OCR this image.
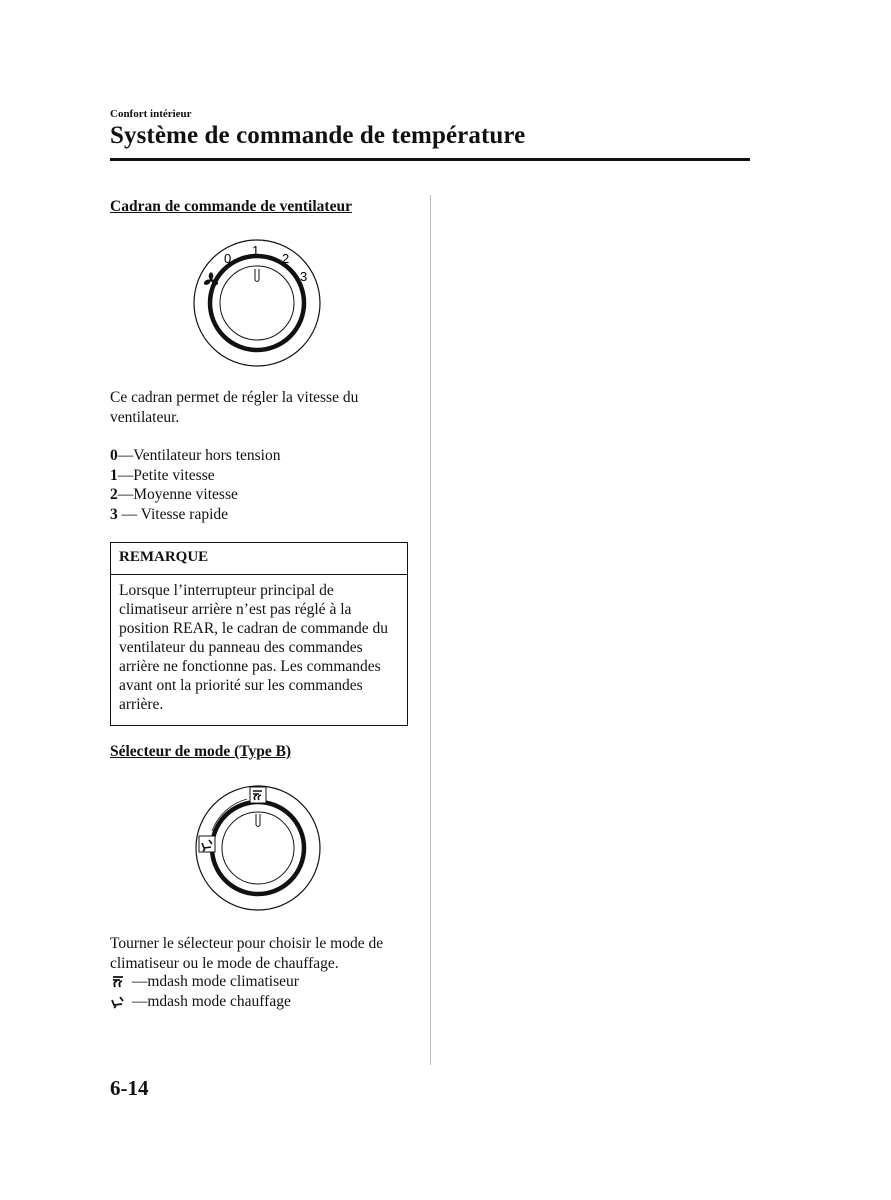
Confort intérieur
Système de commande de température
Cadran de commande de ventilateur
0
1
2
3
Ce cadran permet de régler la vitesse du ventilateur.
0—Ventilateur hors tension
1—Petite vitesse
2—Moyenne vitesse
3 — Vitesse rapide
REMARQUE
Lorsque l’interrupteur principal de climatiseur arrière n’est pas réglé à la position REAR, le cadran de commande du ventilateur du panneau des commandes arrière ne fonctionne pas. Les commandes avant ont la priorité sur les commandes arrière.
Sélecteur de mode (Type B)
Tourner le sélecteur pour choisir le mode de climatiseur ou le mode de chauffage.
—mdash mode climatiseur
—mdash mode chauffage
6-14
